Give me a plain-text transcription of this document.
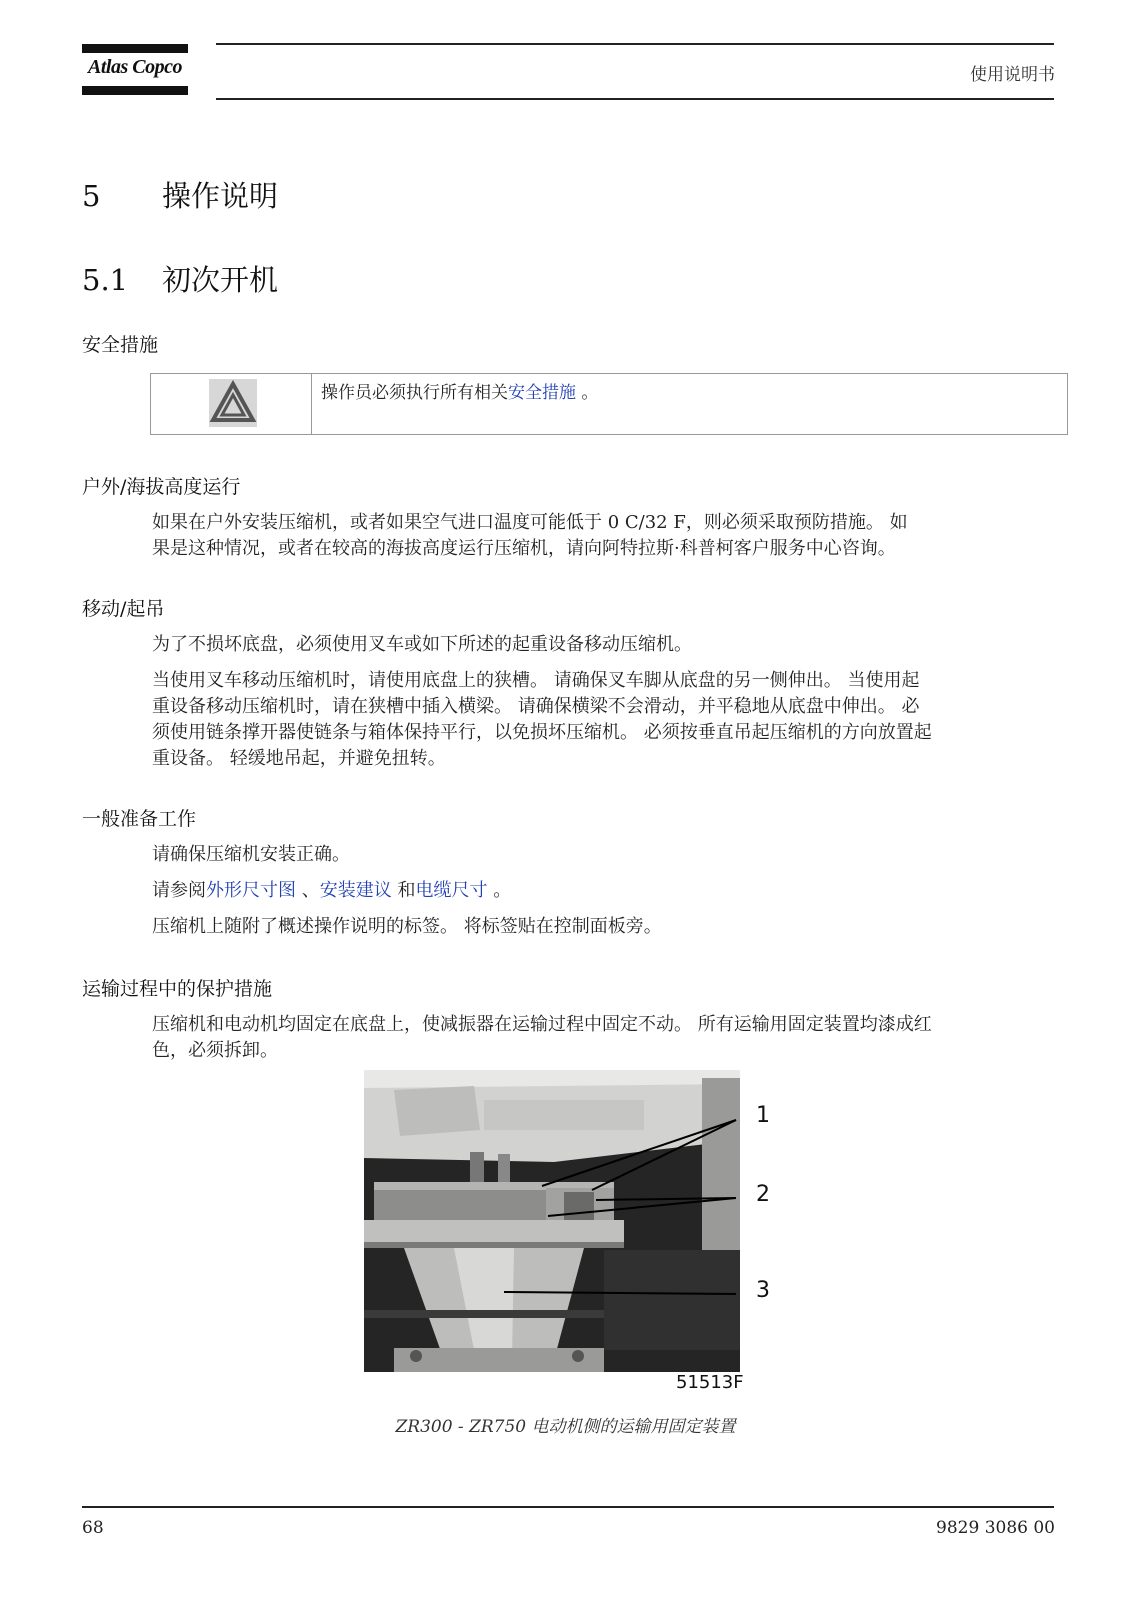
Atlas Copco	使用说明书
5 操作说明
5.1 初次开机
安全措施
操作员必须执行所有相关安全措施 。
户外/海拔高度运行
如果在户外安装压缩机，或者如果空气进口温度可能低于 0 C/32 F，则必须采取预防措施。 如
果是这种情况，或者在较高的海拔高度运行压缩机，请向阿特拉斯·科普柯客户服务中心咨询。
移动/起吊
为了不损坏底盘，必须使用叉车或如下所述的起重设备移动压缩机。
当使用叉车移动压缩机时，请使用底盘上的狭槽。 请确保叉车脚从底盘的另一侧伸出。 当使用起
重设备移动压缩机时，请在狭槽中插入横梁。 请确保横梁不会滑动，并平稳地从底盘中伸出。 必
须使用链条撑开器使链条与箱体保持平行，以免损坏压缩机。 必须按垂直吊起压缩机的方向放置起
重设备。 轻缓地吊起，并避免扭转。
一般准备工作
请确保压缩机安装正确。
请参阅外形尺寸图 、安装建议 和电缆尺寸 。
压缩机上随附了概述操作说明的标签。 将标签贴在控制面板旁。
运输过程中的保护措施
压缩机和电动机均固定在底盘上，使减振器在运输过程中固定不动。 所有运输用固定装置均漆成红
色，必须拆卸。
1
2
3
51513F
ZR300 - ZR750 电动机侧的运输用固定装置
68	9829 3086 00
